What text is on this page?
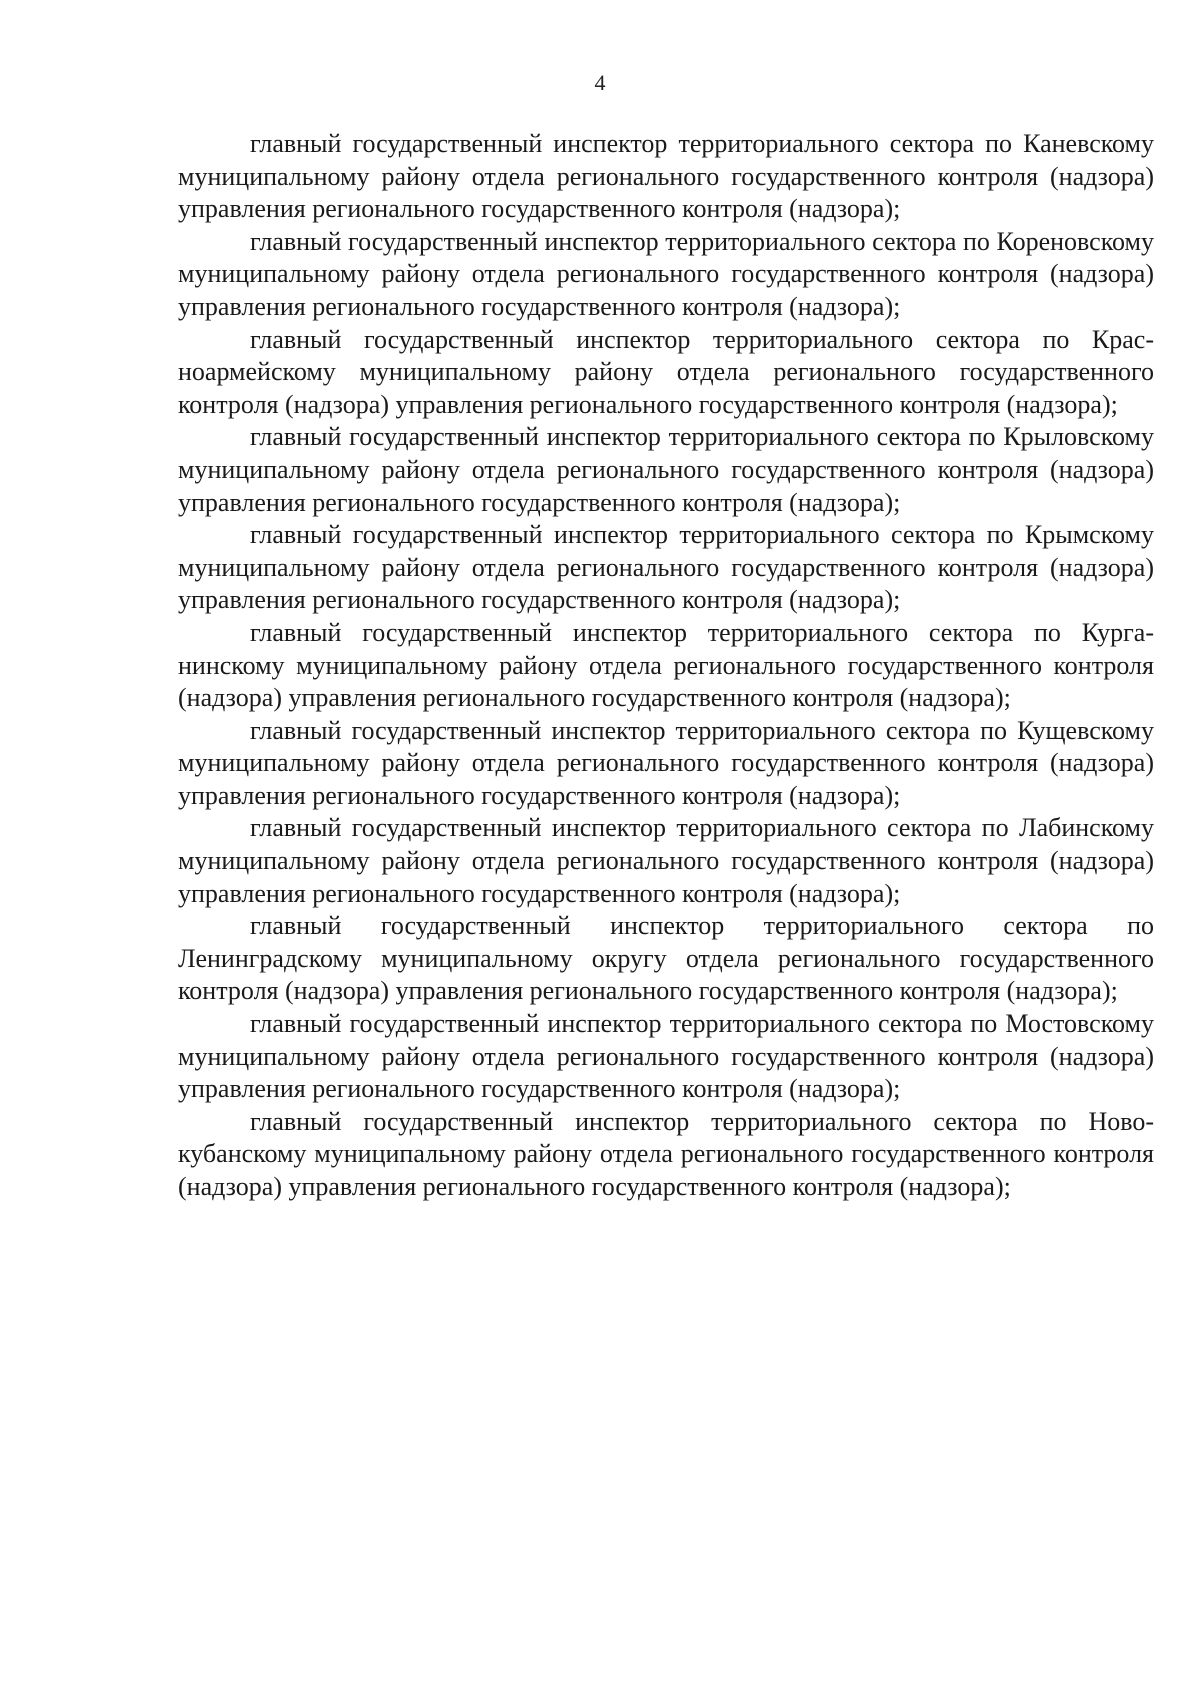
4

главный государственный инспектор территориального сектора по Каневскому муниципальному району отдела регионального государственного контроля (надзора) управления регионального государственного контроля (надзора);

главный государственный инспектор территориального сектора по Кореновскому муниципальному району отдела регионального государственного контроля (надзора) управления регионального государственного контроля (надзора);

главный государственный инспектор территориального сектора по Красноармейскому муниципальному району отдела регионального государственного контроля (надзора) управления регионального государственного контроля (надзора);

главный государственный инспектор территориального сектора по Крыловскому муниципальному району отдела регионального государственного контроля (надзора) управления регионального государственного контроля (надзора);

главный государственный инспектор территориального сектора по Крымскому муниципальному району отдела регионального государственного контроля (надзора) управления регионального государственного контроля (надзора);

главный государственный инспектор территориального сектора по Курганинскому муниципальному району отдела регионального государственного контроля (надзора) управления регионального государственного контроля (надзора);

главный государственный инспектор территориального сектора по Кущевскому муниципальному району отдела регионального государственного контроля (надзора) управления регионального государственного контроля (надзора);

главный государственный инспектор территориального сектора по Лабинскому муниципальному району отдела регионального государственного контроля (надзора) управления регионального государственного контроля (надзора);

главный государственный инспектор территориального сектора по Ленинградскому муниципальному округу отдела регионального государственного контроля (надзора) управления регионального государственного контроля (надзора);

главный государственный инспектор территориального сектора по Мостовскому муниципальному району отдела регионального государственного контроля (надзора) управления регионального государственного контроля (надзора);

главный государственный инспектор территориального сектора по Новокубанскому муниципальному району отдела регионального государственного контроля (надзора) управления регионального государственного контроля (надзора);
